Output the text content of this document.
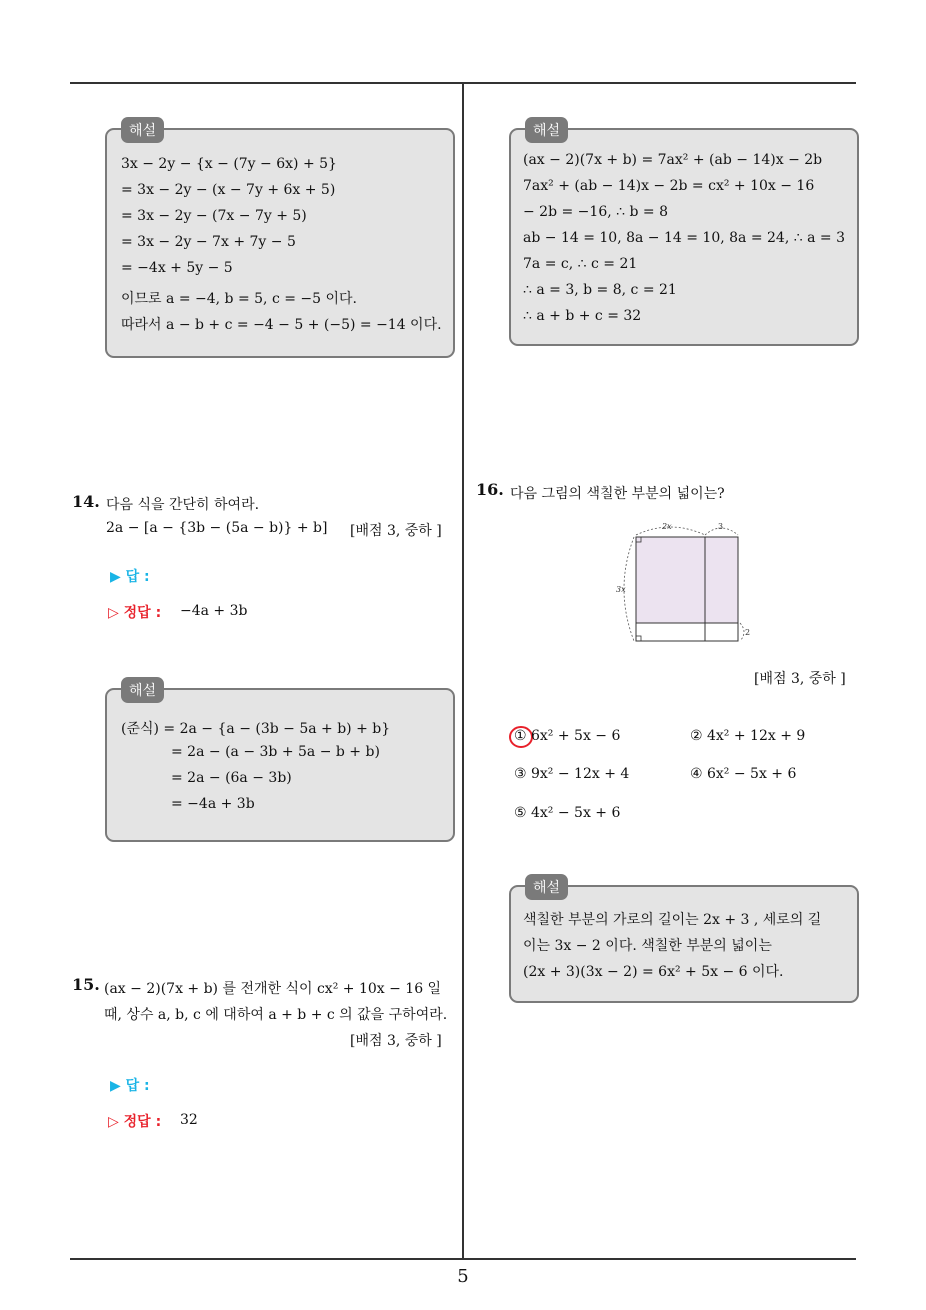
해설
3x − 2y − {x − (7y − 6x) + 5}
= 3x − 2y − (x − 7y + 6x + 5)
= 3x − 2y − (7x − 7y + 5)
= 3x − 2y − 7x + 7y − 5
= −4x + 5y − 5
이므로 a = −4, b = 5, c = −5 이다.
따라서 a − b + c = −4 − 5 + (−5) = −14 이다.
14. 다음 식을 간단히 하여라.
2a − [a − {3b − (5a − b)} + b] [배점 3, 중하 ]
▶ 답 :
▷ 정답 : −4a + 3b
해설
(준식) = 2a − {a − (3b − 5a + b) + b}
= 2a − (a − 3b + 5a − b + b)
= 2a − (6a − 3b)
= −4a + 3b
15. (ax − 2)(7x + b) 를 전개한 식이 cx² + 10x − 16 일
때, 상수 a, b, c 에 대하여 a + b + c 의 값을 구하여라.
[배점 3, 중하 ]
▶ 답 :
▷ 정답 : 32
해설
(ax − 2)(7x + b) = 7ax² + (ab − 14)x − 2b
7ax² + (ab − 14)x − 2b = cx² + 10x − 16
− 2b = −16, ∴ b = 8
ab − 14 = 10, 8a − 14 = 10, 8a = 24, ∴ a = 3
7a = c, ∴ c = 21
∴ a = 3, b = 8, c = 21
∴ a + b + c = 32
16. 다음 그림의 색칠한 부분의 넓이는?
2x	3
3x
2
[배점 3, 중하 ]
① 6x² + 5x − 6	② 4x² + 12x + 9
③ 9x² − 12x + 4	④ 6x² − 5x + 6
⑤ 4x² − 5x + 6
해설
색칠한 부분의 가로의 길이는 2x + 3 , 세로의 길
이는 3x − 2 이다. 색칠한 부분의 넓이는
(2x + 3)(3x − 2) = 6x² + 5x − 6 이다.
5
